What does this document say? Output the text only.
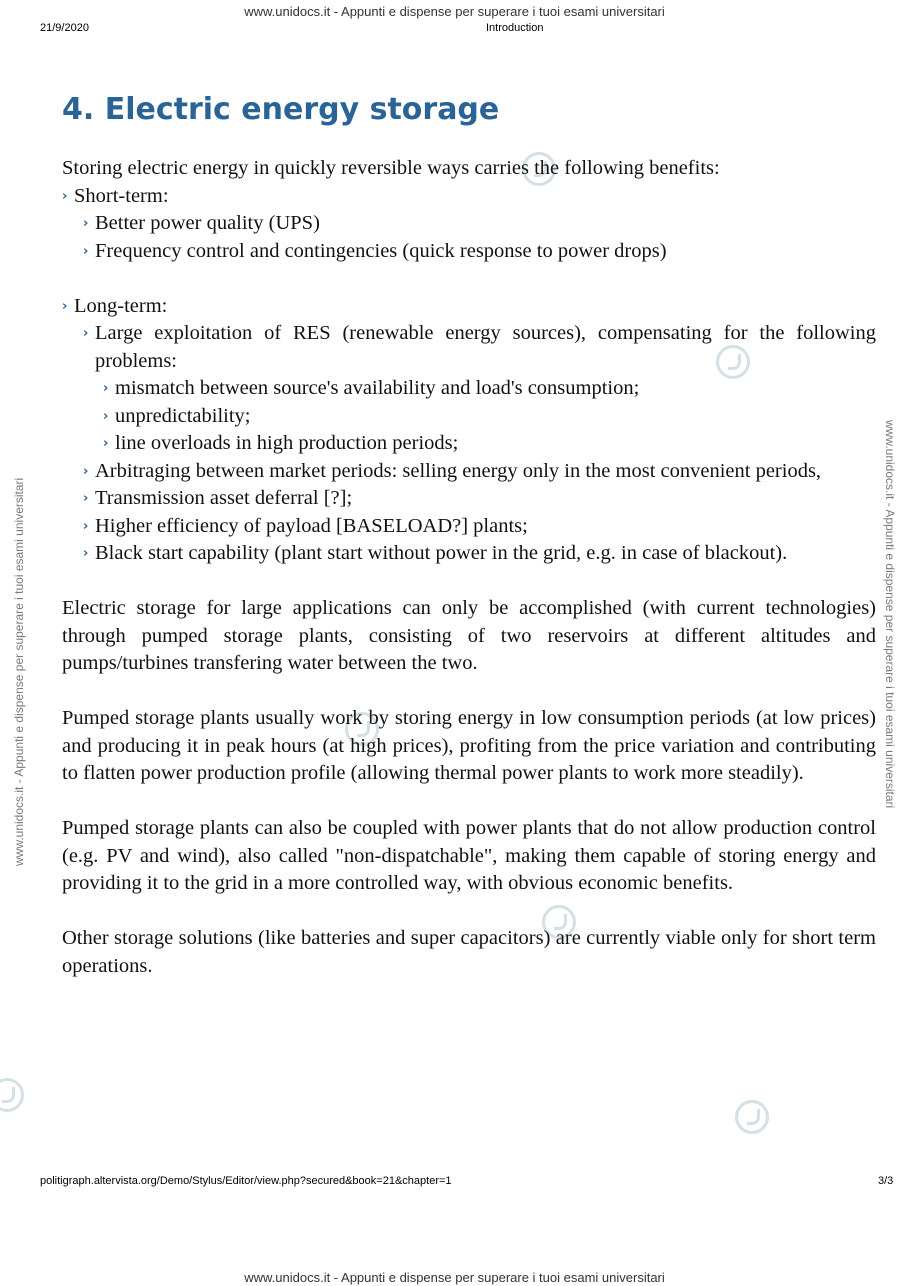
www.unidocs.it - Appunti e dispense per superare i tuoi esami universitari
21/9/2020	Introduction
www.unidocs.it - Appunti e dispense per superare i tuoi esami universitari	www.unidocs.it - Appunti e dispense per superare i tuoi esami universitari
4. Electric energy storage

Storing electric energy in quickly reversible ways carries the following benefits:

› Short-term:
› Better power quality (UPS)
› Frequency control and contingencies (quick response to power drops)
› Long-term:
› Large exploitation of RES (renewable energy sources), compensating for the following problems:
› mismatch between source's availability and load's consumption;
› unpredictability;
› line overloads in high production periods;
› Arbitraging between market periods: selling energy only in the most convenient periods,
› Transmission asset deferral [?];
› Higher efficiency of payload [BASELOAD?] plants;
› Black start capability (plant start without power in the grid, e.g. in case of blackout).

Electric storage for large applications can only be accomplished (with current technologies) through pumped storage plants, consisting of two reservoirs at different altitudes and pumps/turbines transfering water between the two.

Pumped storage plants usually work by storing energy in low consumption periods (at low prices) and producing it in peak hours (at high prices), profiting from the price variation and contributing to flatten power production profile (allowing thermal power plants to work more steadily).

Pumped storage plants can also be coupled with power plants that do not allow production control (e.g. PV and wind), also called "non-dispatchable", making them capable of storing energy and providing it to the grid in a more controlled way, with obvious economic benefits.

Other storage solutions (like batteries and super capacitors) are currently viable only for short term operations.

politigraph.altervista.org/Demo/Stylus/Editor/view.php?secured&book=21&chapter=1	3/3
www.unidocs.it - Appunti e dispense per superare i tuoi esami universitari
